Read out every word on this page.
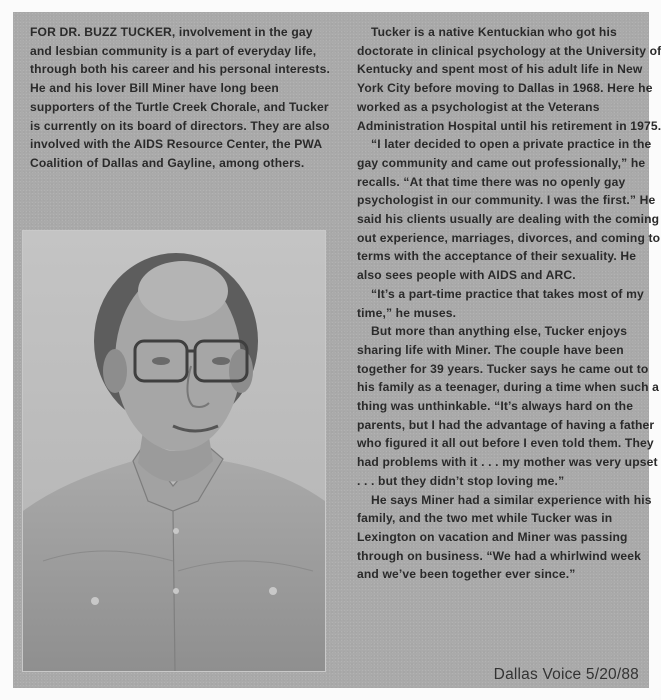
FOR DR. BUZZ TUCKER, involvement in the gay and lesbian community is a part of everyday life, through both his career and his personal interests. He and his lover Bill Miner have long been supporters of the Turtle Creek Chorale, and Tucker is currently on its board of directors. They are also involved with the AIDS Resource Center, the PWA Coalition of Dallas and Gayline, among others.

Tucker is a native Kentuckian who got his doctorate in clinical psychology at the University of Kentucky and spent most of his adult life in New York City before moving to Dallas in 1968. Here he worked as a psychologist at the Veterans Administration Hospital until his retirement in 1975.

“I later decided to open a private practice in the gay community and came out professionally,” he recalls. “At that time there was no openly gay psychologist in our community. I was the first.” He said his clients usually are dealing with the coming out experience, marriages, divorces, and coming to terms with the acceptance of their sexuality. He also sees people with AIDS and ARC.

“It’s a part-time practice that takes most of my time,” he muses.

But more than anything else, Tucker enjoys sharing life with Miner. The couple have been together for 39 years. Tucker says he came out to his family as a teenager, during a time when such a thing was unthinkable. “It’s always hard on the parents, but I had the advantage of having a father who figured it all out before I even told them. They had problems with it . . . my mother was very upset . . . but they didn’t stop loving me.”

He says Miner had a similar experience with his family, and the two met while Tucker was in Lexington on vacation and Miner was passing through on business. “We had a whirlwind week and we’ve been together ever since.”

Dallas Voice 5/20/88
